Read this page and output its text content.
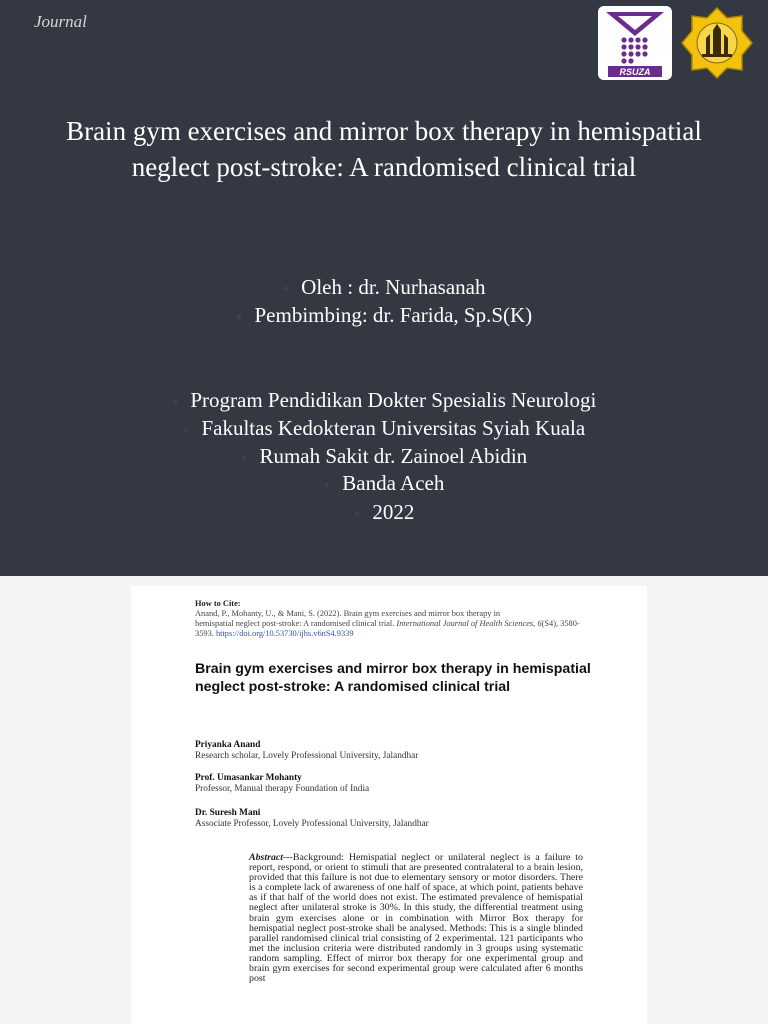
Journal
RSUZA
Brain gym exercises and mirror box therapy in hemispatial
neglect post-stroke: A randomised clinical trial
● Oleh : dr. Nurhasanah
● Pembimbing: dr. Farida, Sp.S(K)
● Program Pendidikan Dokter Spesialis Neurologi
● Fakultas Kedokteran Universitas Syiah Kuala
● Rumah Sakit dr. Zainoel Abidin
● Banda Aceh
● 2022
How to Cite:
Anand, P., Mohanty, U., & Mani, S. (2022). Brain gym exercises and mirror box therapy in
hemispatial neglect post-stroke: A randomised clinical trial. International Journal of Health Sciences, 6(S4), 3580-3593. https://doi.org/10.53730/ijhs.v6nS4.9339
Brain gym exercises and mirror box therapy in hemispatial neglect post-stroke: A randomised clinical trial
Priyanka Anand
Research scholar, Lovely Professional University, Jalandhar
Prof. Umasankar Mohanty
Professor, Manual therapy Foundation of India
Dr. Suresh Mani
Associate Professor, Lovely Professional University, Jalandhar
Abstract---Background: Hemispatial neglect or unilateral neglect is a failure to report, respond, or orient to stimuli that are presented contralateral to a brain lesion, provided that this failure is not due to elementary sensory or motor disorders. There is a complete lack of awareness of one half of space, at which point, patients behave as if that half of the world does not exist. The estimated prevalence of hemispatial neglect after unilateral stroke is 30%. In this study, the differential treatment using brain gym exercises alone or in combination with Mirror Box therapy for hemispatial neglect post-stroke shall be analysed. Methods: This is a single blinded parallel randomised clinical trial consisting of 2 experimental. 121 participants who met the inclusion criteria were distributed randomly in 3 groups using systematic random sampling. Effect of mirror box therapy for one experimental group and brain gym exercises for second experimental group were calculated after 6 months post
